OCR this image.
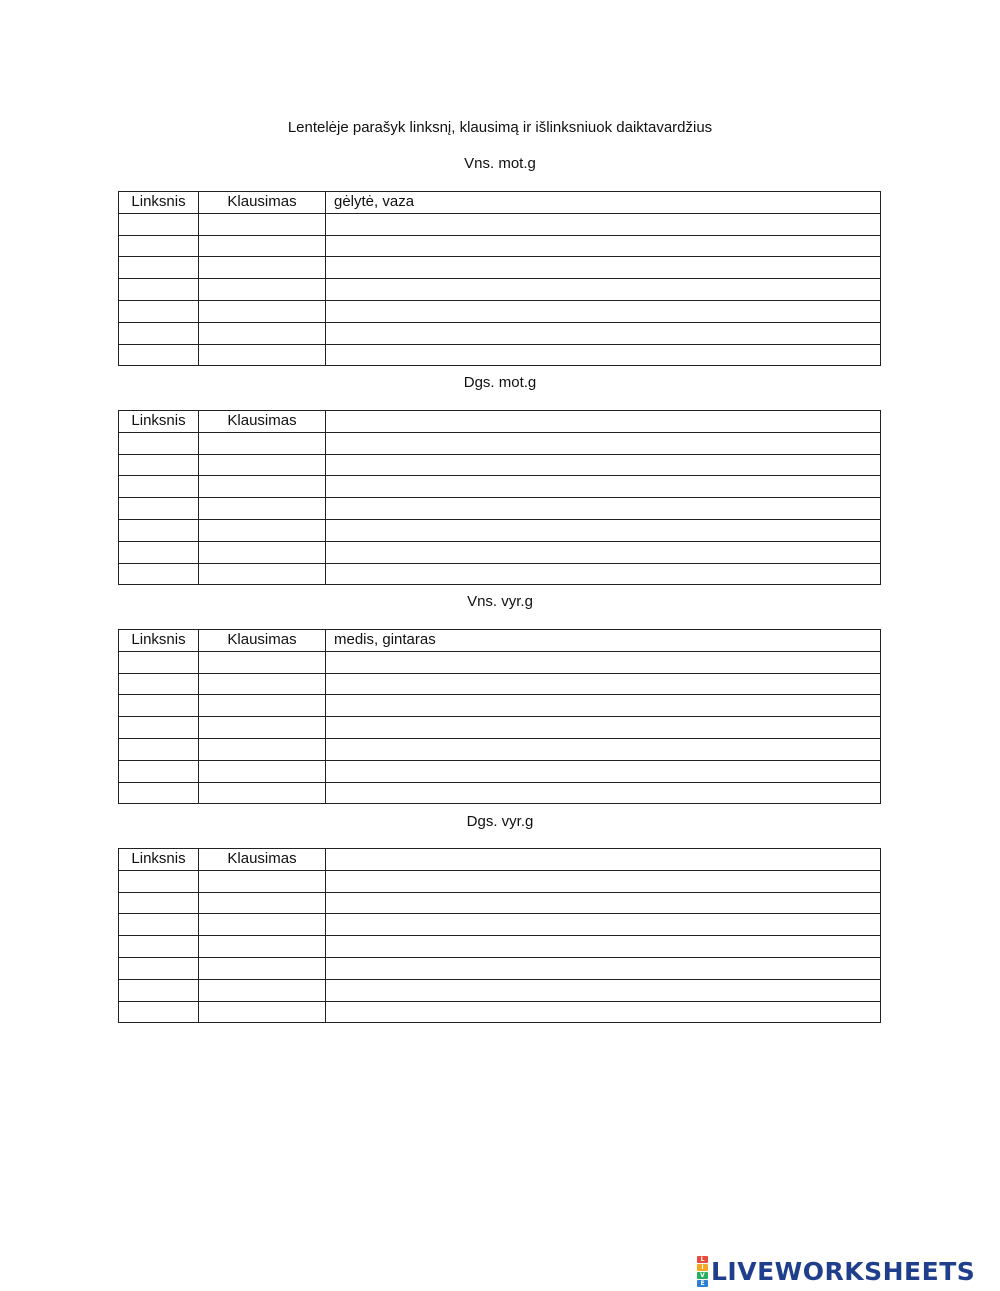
Lentelėje parašyk linksnį, klausimą ir išlinksniuok daiktavardžius
Vns. mot.g
Linksnis	Klausimas	gėlytė, vaza

Dgs. mot.g
Linksnis	Klausimas	

Vns. vyr.g
Linksnis	Klausimas	medis, gintaras

Dgs. vyr.g
Linksnis	Klausimas	

L
I
V
E LIVEWORKSHEETS
